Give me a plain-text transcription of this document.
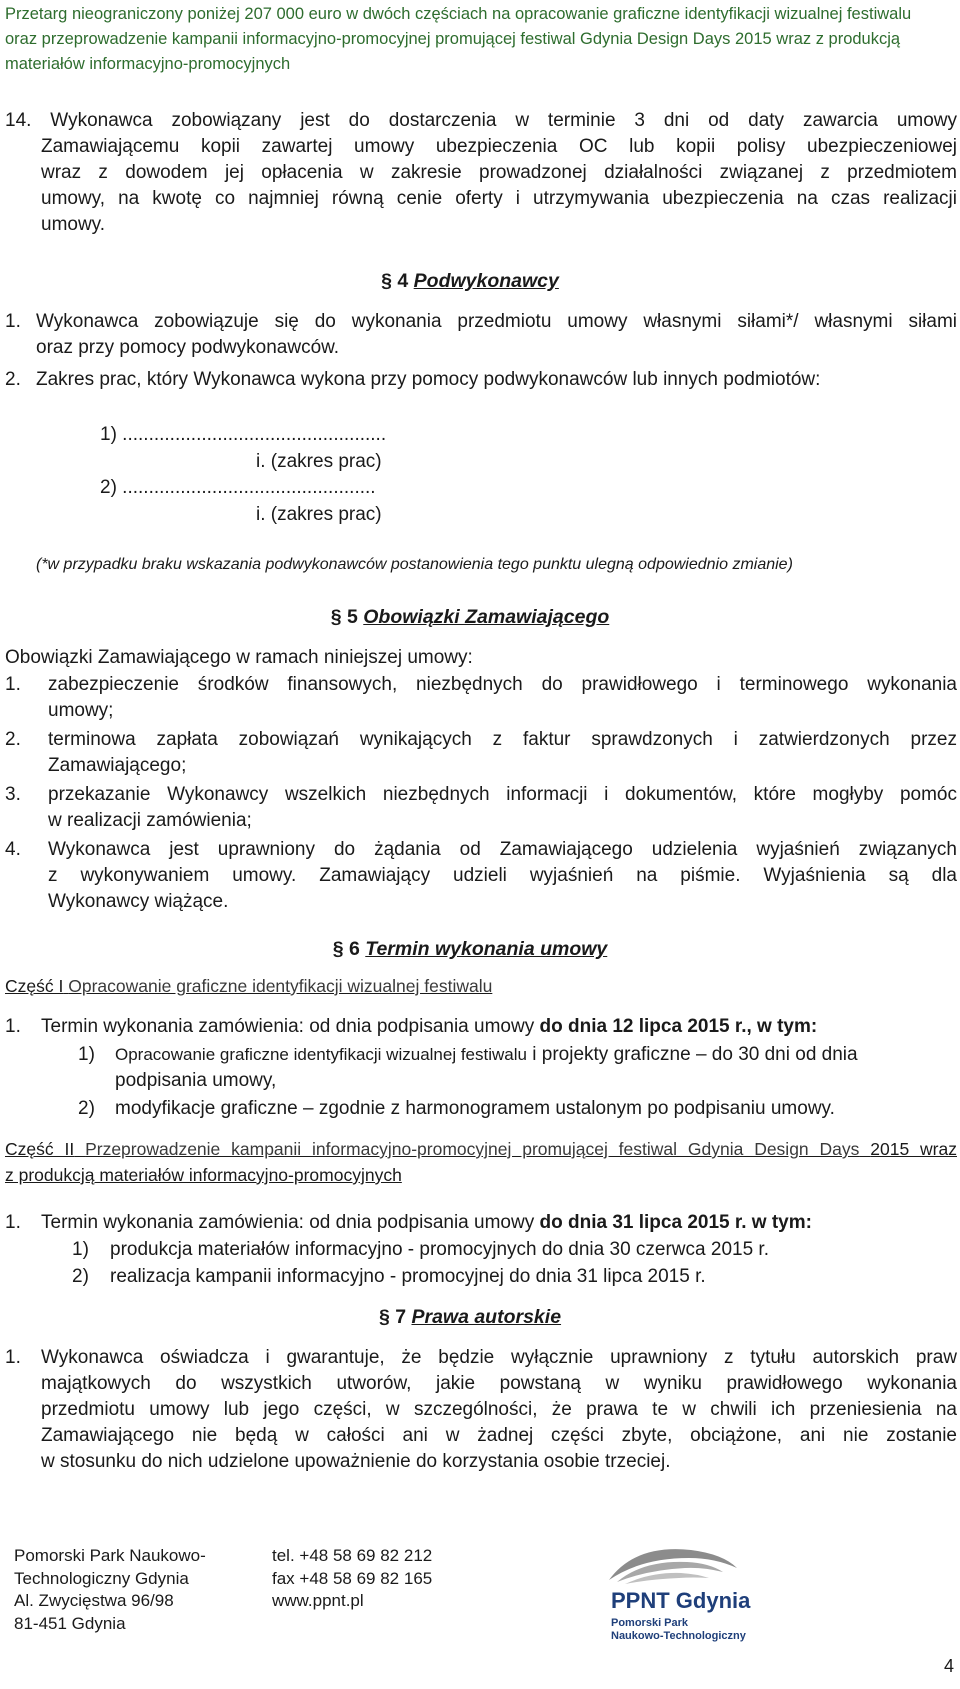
Przetarg nieograniczony poniżej 207 000 euro w dwóch częściach na opracowanie graficzne identyfikacji wizualnej festiwalu
oraz przeprowadzenie kampanii informacyjno-promocyjnej promującej festiwal Gdynia Design Days 2015 wraz z produkcją
materiałów informacyjno-promocyjnych
14. Wykonawca zobowiązany jest do dostarczenia w terminie 3 dni od daty zawarcia umowy
Zamawiającemu kopii zawartej umowy ubezpieczenia OC lub kopii polisy ubezpieczeniowej
wraz z dowodem jej opłacenia w zakresie prowadzonej działalności związanej z przedmiotem
umowy, na kwotę co najmniej równą cenie oferty i utrzymywania ubezpieczenia na czas realizacji
umowy.
§ 4 Podwykonawcy
1. Wykonawca zobowiązuje się do wykonania przedmiotu umowy własnymi siłami*/ własnymi siłami
oraz przy pomocy podwykonawców.
2. Zakres prac, który Wykonawca wykona przy pomocy podwykonawców lub innych podmiotów:
1) ..................................................
i. (zakres prac)
2) ................................................
i. (zakres prac)
(*w przypadku braku wskazania podwykonawców postanowienia tego punktu ulegną odpowiednio zmianie)
§ 5 Obowiązki Zamawiającego
Obowiązki Zamawiającego w ramach niniejszej umowy:
1. zabezpieczenie środków finansowych, niezbędnych do prawidłowego i terminowego wykonania
umowy;
2. terminowa zapłata zobowiązań wynikających z faktur sprawdzonych i zatwierdzonych przez
Zamawiającego;
3. przekazanie Wykonawcy wszelkich niezbędnych informacji i dokumentów, które mogłyby pomóc
w realizacji zamówienia;
4. Wykonawca jest uprawniony do żądania od Zamawiającego udzielenia wyjaśnień związanych
z wykonywaniem umowy. Zamawiający udzieli wyjaśnień na piśmie. Wyjaśnienia są dla
Wykonawcy wiążące.
§ 6 Termin wykonania umowy
Część I Opracowanie graficzne identyfikacji wizualnej festiwalu
1. Termin wykonania zamówienia: od dnia podpisania umowy do dnia 12 lipca 2015 r., w tym:
1) Opracowanie graficzne identyfikacji wizualnej festiwalu i projekty graficzne – do 30 dni od dnia
podpisania umowy,
2) modyfikacje graficzne – zgodnie z harmonogramem ustalonym po podpisaniu umowy.
Część II Przeprowadzenie kampanii informacyjno-promocyjnej promującej festiwal Gdynia Design Days 2015 wraz
z produkcją materiałów informacyjno-promocyjnych
1. Termin wykonania zamówienia: od dnia podpisania umowy do dnia 31 lipca 2015 r. w tym:
1) produkcja materiałów informacyjno - promocyjnych do dnia 30 czerwca 2015 r.
2) realizacja kampanii informacyjno - promocyjnej do dnia 31 lipca 2015 r.
§ 7 Prawa autorskie
1. Wykonawca oświadcza i gwarantuje, że będzie wyłącznie uprawniony z tytułu autorskich praw
majątkowych do wszystkich utworów, jakie powstaną w wyniku prawidłowego wykonania
przedmiotu umowy lub jego części, w szczególności, że prawa te w chwili ich przeniesienia na
Zamawiającego nie będą w całości ani w żadnej części zbyte, obciążone, ani nie zostanie
w stosunku do nich udzielone upoważnienie do korzystania osobie trzeciej.
Pomorski Park Naukowo-
Technologiczny Gdynia
Al. Zwycięstwa 96/98
81-451 Gdynia
tel. +48 58 69 82 212
fax +48 58 69 82 165
www.ppnt.pl	PPNT Gdynia
Pomorski Park
Naukowo-Technologiczny
4
